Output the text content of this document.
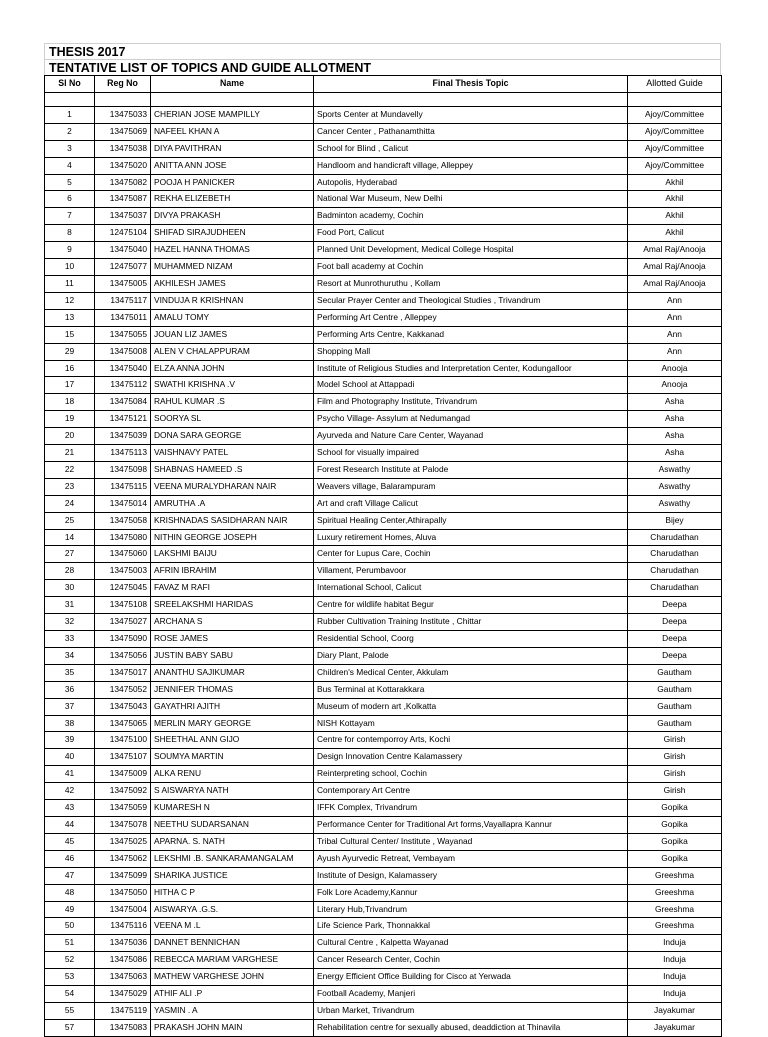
THESIS 2017
TENTATIVE LIST OF TOPICS AND GUIDE ALLOTMENT
Sl No	Reg No	Name	Final Thesis Topic	Allotted Guide

1	13475033	CHERIAN JOSE MAMPILLY	Sports Center at Mundavelly	Ajoy/Committee
2	13475069	NAFEEL KHAN A	Cancer Center , Pathanamthitta	Ajoy/Committee
3	13475038	DIYA PAVITHRAN	School for Blind , Calicut	Ajoy/Committee
4	13475020	ANITTA ANN JOSE	Handloom and handicraft village, Alleppey	Ajoy/Committee
5	13475082	POOJA H PANICKER	Autopolis, Hyderabad	Akhil
6	13475087	REKHA ELIZEBETH	National War Museum, New Delhi	Akhil
7	13475037	DIVYA PRAKASH	Badminton academy, Cochin	Akhil
8	12475104	SHIFAD SIRAJUDHEEN	Food Port, Calicut	Akhil
9	13475040	HAZEL HANNA THOMAS	Planned Unit Development, Medical College Hospital	Amal Raj/Anooja
10	12475077	MUHAMMED NIZAM	Foot ball academy at Cochin	Amal Raj/Anooja
11	13475005	AKHILESH JAMES	Resort at Munrothuruthu , Kollam	Amal Raj/Anooja
12	13475117	VINDUJA R KRISHNAN	Secular Prayer Center and Theological Studies , Trivandrum	Ann
13	13475011	AMALU TOMY	Performing Art Centre , Alleppey	Ann
15	13475055	JOUAN LIZ JAMES	Performing Arts Centre, Kakkanad	Ann
29	13475008	ALEN V CHALAPPURAM	Shopping Mall	Ann
16	13475040	ELZA ANNA JOHN	Institute of Religious Studies and Interpretation Center, Kodungalloor	Anooja
17	13475112	SWATHI KRISHNA .V	Model School at Attappadi	Anooja
18	13475084	RAHUL KUMAR .S	Film and Photography Institute, Trivandrum	Asha
19	13475121	SOORYA SL	Psycho Village- Assylum at Nedumangad	Asha
20	13475039	DONA SARA GEORGE	Ayurveda and Nature Care Center, Wayanad	Asha
21	13475113	VAISHNAVY PATEL	School for visually impaired	Asha
22	13475098	SHABNAS HAMEED .S	Forest Research Institute at Palode	Aswathy
23	13475115	VEENA MURALYDHARAN NAIR	Weavers village, Balarampuram	Aswathy
24	13475014	AMRUTHA .A	Art and craft Village Calicut	Aswathy
25	13475058	KRISHNADAS SASIDHARAN NAIR	Spiritual Healing Center,Athirapally	Bijey
14	13475080	NITHIN GEORGE JOSEPH	Luxury retirement Homes, Aluva	Charudathan
27	13475060	LAKSHMI BAIJU	Center for Lupus Care, Cochin	Charudathan
28	13475003	AFRIN IBRAHIM	Villament, Perumbavoor	Charudathan
30	12475045	FAVAZ M RAFI	International School, Calicut	Charudathan
31	13475108	SREELAKSHMI HARIDAS	Centre for wildlife habitat Begur	Deepa
32	13475027	ARCHANA S	Rubber Cultivation Training Institute , Chittar	Deepa
33	13475090	ROSE JAMES	Residential School, Coorg	Deepa
34	13475056	JUSTIN BABY SABU	Diary Plant, Palode	Deepa
35	13475017	ANANTHU SAJIKUMAR	Children's Medical Center, Akkulam	Gautham
36	13475052	JENNIFER THOMAS	Bus Terminal at Kottarakkara	Gautham
37	13475043	GAYATHRI AJITH	Museum of modern art ,Kolkatta	Gautham
38	13475065	MERLIN MARY GEORGE	NISH Kottayam	Gautham
39	13475100	SHEETHAL ANN GIJO	Centre for contemporroy Arts, Kochi	Girish
40	13475107	SOUMYA MARTIN	Design Innovation Centre Kalamassery	Girish
41	13475009	ALKA RENU	Reinterpreting school, Cochin	Girish
42	13475092	S AISWARYA NATH	Contemporary Art Centre	Girish
43	13475059	KUMARESH N	IFFK Complex, Trivandrum	Gopika
44	13475078	NEETHU SUDARSANAN	Performance Center for Traditional Art forms,Vayallapra Kannur	Gopika
45	13475025	APARNA. S. NATH	Tribal Cultural Center/ Institute , Wayanad	Gopika
46	13475062	LEKSHMI .B. SANKARAMANGALAM	Ayush Ayurvedic Retreat, Vembayam	Gopika
47	13475099	SHARIKA JUSTICE	Institute of Design, Kalamassery	Greeshma
48	13475050	HITHA C P	Folk Lore Academy,Kannur	Greeshma
49	13475004	AISWARYA .G.S.	Literary Hub,Trivandrum	Greeshma
50	13475116	VEENA M .L	Life Science Park, Thonnakkal	Greeshma
51	13475036	DANNET BENNICHAN	Cultural Centre , Kalpetta Wayanad	Induja
52	13475086	REBECCA MARIAM VARGHESE	Cancer Research Center, Cochin	Induja
53	13475063	MATHEW VARGHESE JOHN	Energy Efficient Office Building for Cisco at Yerwada	Induja
54	13475029	ATHIF ALI .P	Football Academy, Manjeri	Induja
55	13475119	YASMIN . A	Urban Market, Trivandrum	Jayakumar
57	13475083	PRAKASH JOHN MAIN	Rehabilitation centre for sexually abused, deaddiction at Thinavila	Jayakumar
